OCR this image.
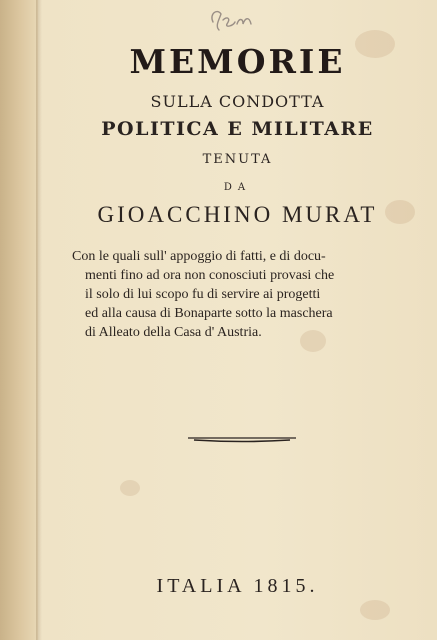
MEMORIE
SULLA CONDOTTA
POLITICA E MILITARE
TENUTA
DA
GIOACCHINO MURAT
Con le quali sull' appoggio di fatti, e di docu-
menti fino ad ora non conosciuti provasi che
il solo di lui scopo fu di servire ai progetti
ed alla causa di Bonaparte sotto la maschera
di Alleato della Casa d' Austria.
ITALIA 1815.
